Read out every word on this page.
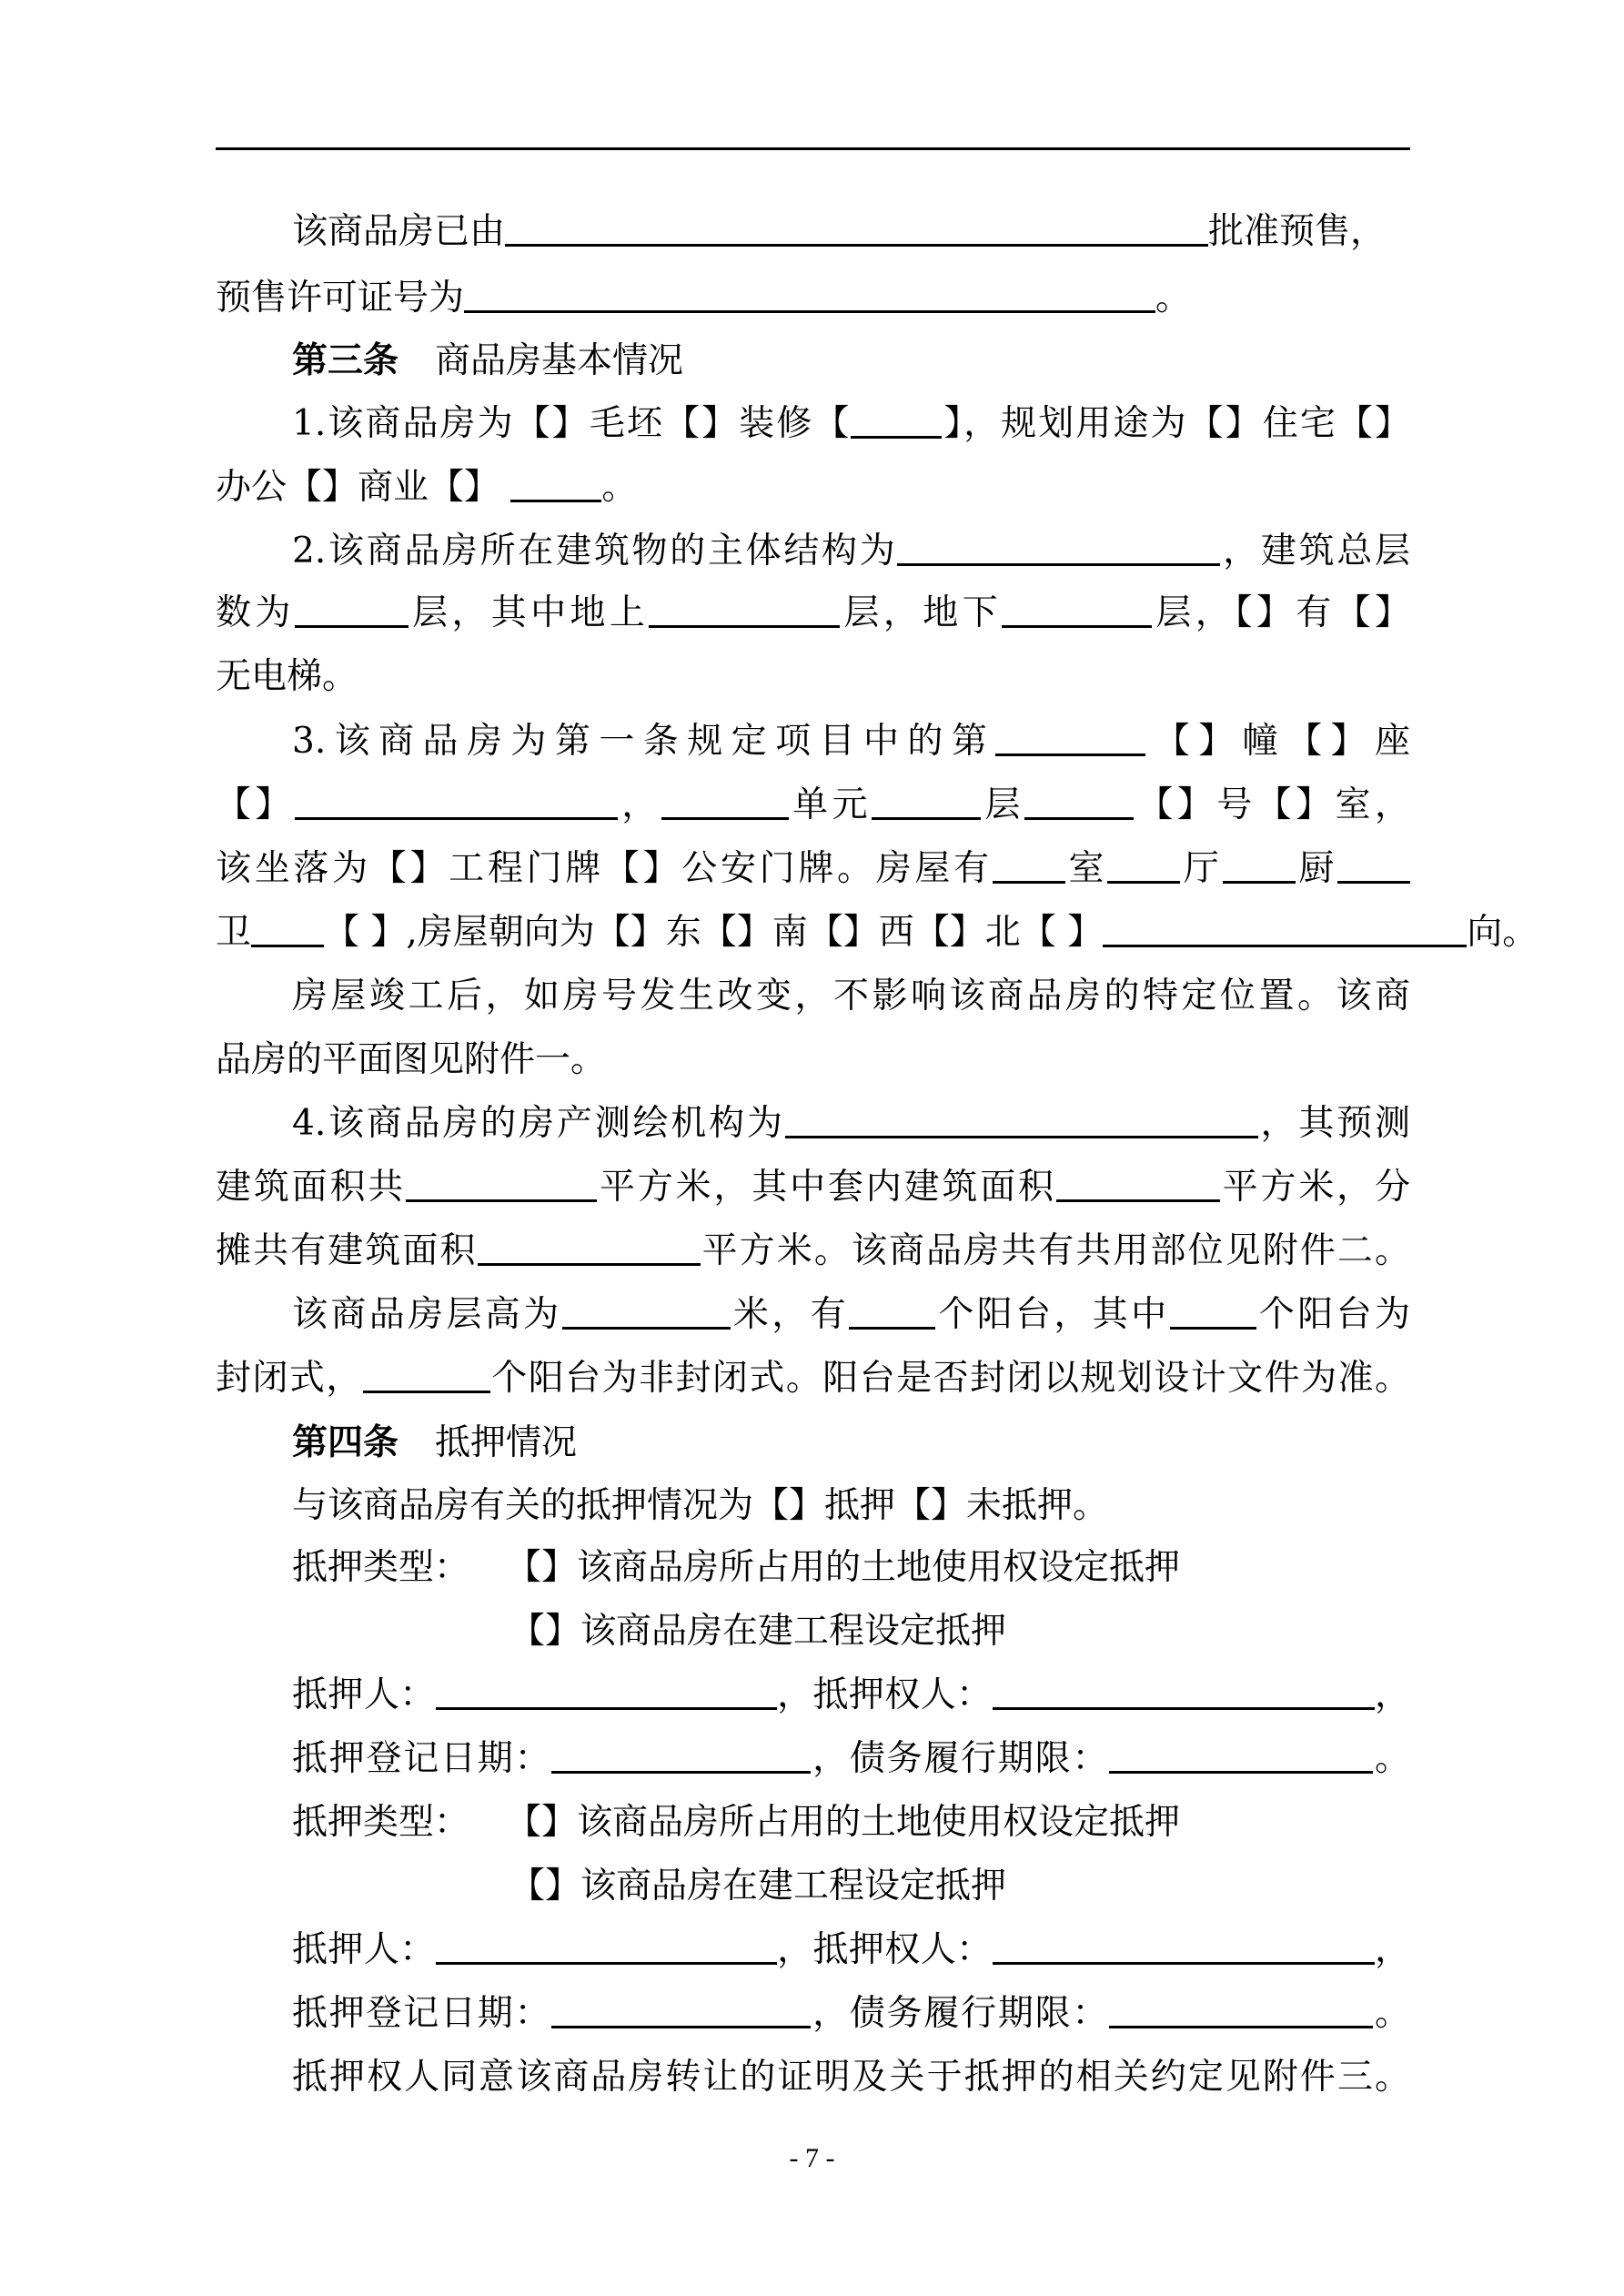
该商品房已由	批准预售，
预售许可证号为	。
第三条 商品房基本情况
1.该商品房为【】毛坯【】装修【	】，规划用途为【】住宅【】
办公【】商业【】	。
2.该商品房所在建筑物的主体结构为	，建筑总层
数为	层，其中地上	层，地下	层，【】有【】
无电梯。
3.该商品房为第一条规定项目中的第	【】幢【】座
【】	，	单元	层	【】号【】室，
该坐落为【】工程门牌【】公安门牌。房屋有 室 厅 厨
卫 【 】,房屋朝向为【】东【】南【】西【】北【 】	向。
房屋竣工后，如房号发生改变，不影响该商品房的特定位置。该商
品房的平面图见附件一。
4.该商品房的房产测绘机构为	，其预测
建筑面积共	平方米，其中套内建筑面积	平方米，分
摊共有建筑面积	平方米。该商品房共有共用部位见附件二。
该商品房层高为	米，有 个阳台，其中 个阳台为
封闭式，	个阳台为非封闭式。阳台是否封闭以规划设计文件为准。
第四条 抵押情况
与该商品房有关的抵押情况为【】抵押【】未抵押。
抵押类型： 【】该商品房所占用的土地使用权设定抵押
【】该商品房在建工程设定抵押
抵押人：	，抵押权人：	，
抵押登记日期：	，债务履行期限：	。
抵押类型： 【】该商品房所占用的土地使用权设定抵押
【】该商品房在建工程设定抵押
抵押人：	，抵押权人：	，
抵押登记日期：	，债务履行期限：	。
抵押权人同意该商品房转让的证明及关于抵押的相关约定见附件三。
- 7 -
